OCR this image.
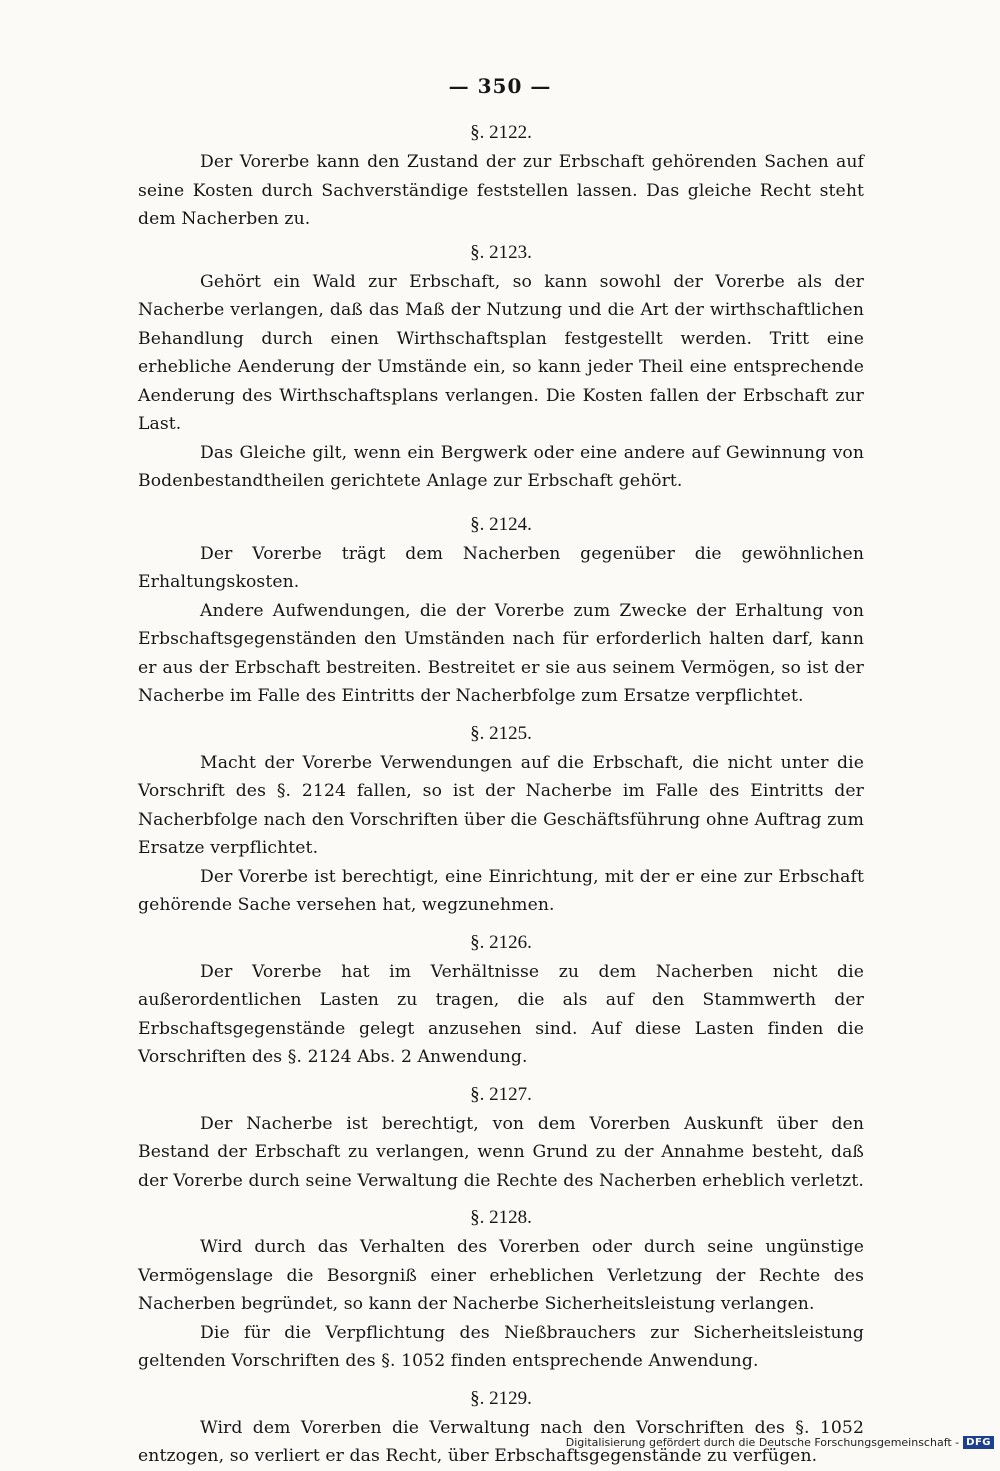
— 350 —
§. 2122.

Der Vorerbe kann den Zustand der zur Erbschaft gehörenden Sachen auf seine Kosten durch Sachverständige feststellen lassen. Das gleiche Recht steht dem Nacherben zu.

§. 2123.

Gehört ein Wald zur Erbschaft, so kann sowohl der Vorerbe als der Nacherbe verlangen, daß das Maß der Nutzung und die Art der wirthschaftlichen Behandlung durch einen Wirthschaftsplan festgestellt werden. Tritt eine erhebliche Aenderung der Umstände ein, so kann jeder Theil eine entsprechende Aenderung des Wirthschaftsplans verlangen. Die Kosten fallen der Erbschaft zur Last.

Das Gleiche gilt, wenn ein Bergwerk oder eine andere auf Gewinnung von Bodenbestandtheilen gerichtete Anlage zur Erbschaft gehört.

§. 2124.

Der Vorerbe trägt dem Nacherben gegenüber die gewöhnlichen Erhaltungskosten.

Andere Aufwendungen, die der Vorerbe zum Zwecke der Erhaltung von Erbschaftsgegenständen den Umständen nach für erforderlich halten darf, kann er aus der Erbschaft bestreiten. Bestreitet er sie aus seinem Vermögen, so ist der Nacherbe im Falle des Eintritts der Nacherbfolge zum Ersatze verpflichtet.

§. 2125.

Macht der Vorerbe Verwendungen auf die Erbschaft, die nicht unter die Vorschrift des §. 2124 fallen, so ist der Nacherbe im Falle des Eintritts der Nacherbfolge nach den Vorschriften über die Geschäftsführung ohne Auftrag zum Ersatze verpflichtet.

Der Vorerbe ist berechtigt, eine Einrichtung, mit der er eine zur Erbschaft gehörende Sache versehen hat, wegzunehmen.

§. 2126.

Der Vorerbe hat im Verhältnisse zu dem Nacherben nicht die außerordentlichen Lasten zu tragen, die als auf den Stammwerth der Erbschaftsgegenstände gelegt anzusehen sind. Auf diese Lasten finden die Vorschriften des §. 2124 Abs. 2 Anwendung.

§. 2127.

Der Nacherbe ist berechtigt, von dem Vorerben Auskunft über den Bestand der Erbschaft zu verlangen, wenn Grund zu der Annahme besteht, daß der Vorerbe durch seine Verwaltung die Rechte des Nacherben erheblich verletzt.

§. 2128.

Wird durch das Verhalten des Vorerben oder durch seine ungünstige Vermögenslage die Besorgniß einer erheblichen Verletzung der Rechte des Nacherben begründet, so kann der Nacherbe Sicherheitsleistung verlangen.

Die für die Verpflichtung des Nießbrauchers zur Sicherheitsleistung geltenden Vorschriften des §. 1052 finden entsprechende Anwendung.

§. 2129.

Wird dem Vorerben die Verwaltung nach den Vorschriften des §. 1052 entzogen, so verliert er das Recht, über Erbschaftsgegenstände zu verfügen.

Digitalisierung gefördert durch die Deutsche Forschungsgemeinschaft - DFG
